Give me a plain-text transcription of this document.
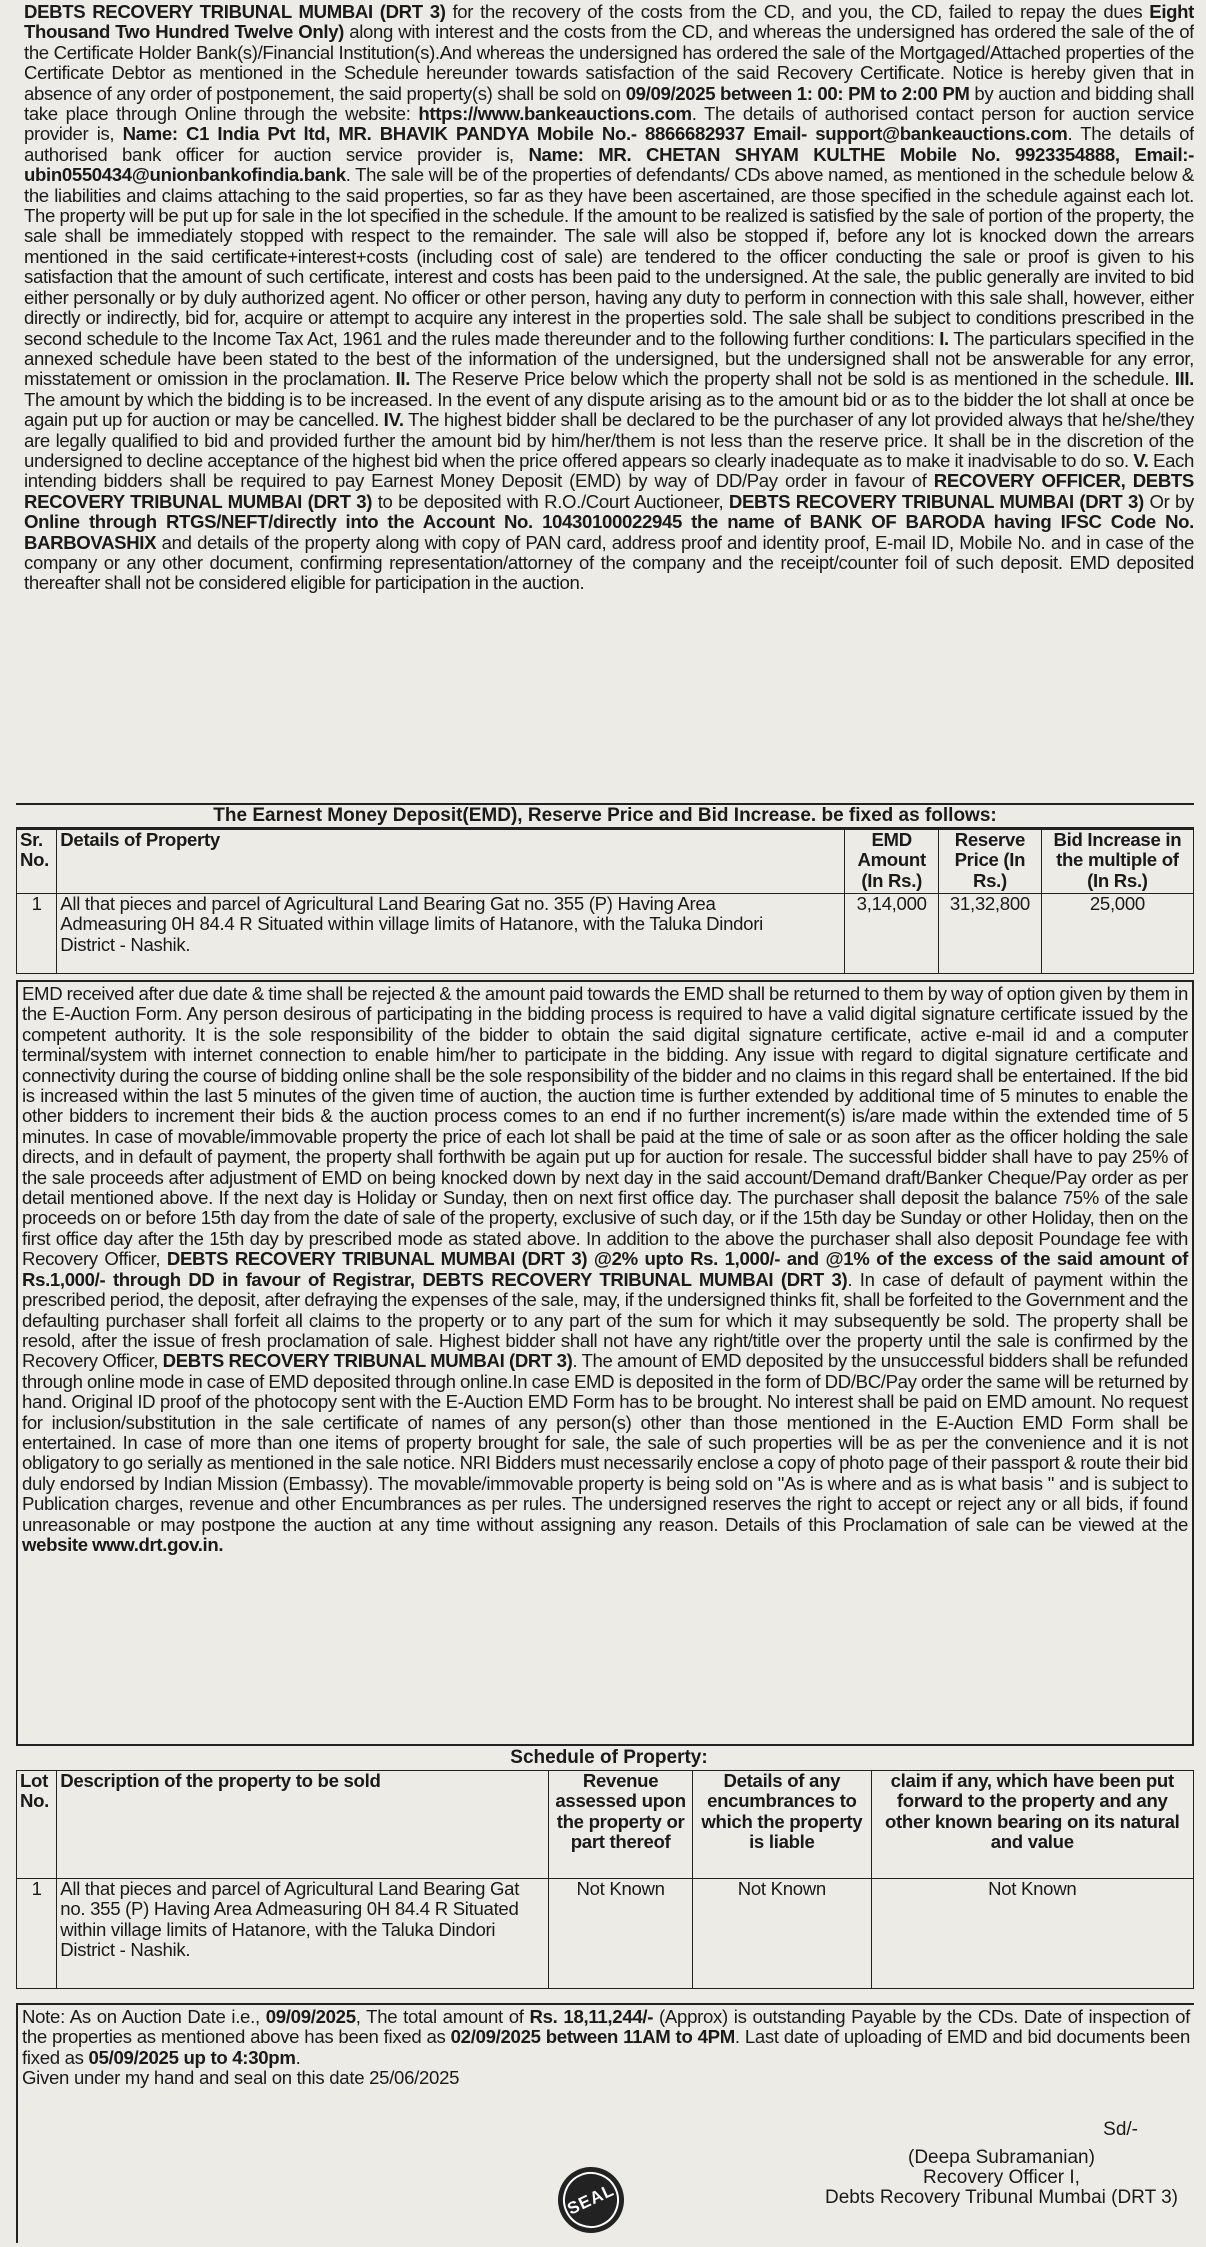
DEBTS RECOVERY TRIBUNAL MUMBAI (DRT 3) for the recovery of the costs from the CD, and you, the CD, failed to repay the dues Eight Thousand Two Hundred Twelve Only) along with interest and the costs from the CD, and whereas the undersigned has ordered the sale of the of the Certificate Holder Bank(s)/Financial Institution(s).And whereas the undersigned has ordered the sale of the Mortgaged/Attached properties of the Certificate Debtor as mentioned in the Schedule hereunder towards satisfaction of the said Recovery Certificate. Notice is hereby given that in absence of any order of postponement, the said property(s) shall be sold on 09/09/2025 between 1: 00: PM to 2:00 PM by auction and bidding shall take place through Online through the website: https://www.bankeauctions.com. The details of authorised contact person for auction service provider is, Name: C1 India Pvt ltd, MR. BHAVIK PANDYA Mobile No.- 8866682937 Email- support@bankeauctions.com. The details of authorised bank officer for auction service provider is, Name: MR. CHETAN SHYAM KULTHE Mobile No. 9923354888, Email:- ubin0550434@unionbankofindia.bank. The sale will be of the properties of defendants/ CDs above named, as mentioned in the schedule below & the liabilities and claims attaching to the said properties, so far as they have been ascertained, are those specified in the schedule against each lot. The property will be put up for sale in the lot specified in the schedule. If the amount to be realized is satisfied by the sale of portion of the property, the sale shall be immediately stopped with respect to the remainder. The sale will also be stopped if, before any lot is knocked down the arrears mentioned in the said certificate+interest+costs (including cost of sale) are tendered to the officer conducting the sale or proof is given to his satisfaction that the amount of such certificate, interest and costs has been paid to the undersigned. At the sale, the public generally are invited to bid either personally or by duly authorized agent. No officer or other person, having any duty to perform in connection with this sale shall, however, either directly or indirectly, bid for, acquire or attempt to acquire any interest in the properties sold. The sale shall be subject to conditions prescribed in the second schedule to the Income Tax Act, 1961 and the rules made thereunder and to the following further conditions: I. The particulars specified in the annexed schedule have been stated to the best of the information of the undersigned, but the undersigned shall not be answerable for any error, misstatement or omission in the proclamation. II. The Reserve Price below which the property shall not be sold is as mentioned in the schedule. III. The amount by which the bidding is to be increased. In the event of any dispute arising as to the amount bid or as to the bidder the lot shall at once be again put up for auction or may be cancelled. IV. The highest bidder shall be declared to be the purchaser of any lot provided always that he/she/they are legally qualified to bid and provided further the amount bid by him/her/them is not less than the reserve price. It shall be in the discretion of the undersigned to decline acceptance of the highest bid when the price offered appears so clearly inadequate as to make it inadvisable to do so. V. Each intending bidders shall be required to pay Earnest Money Deposit (EMD) by way of DD/Pay order in favour of RECOVERY OFFICER, DEBTS RECOVERY TRIBUNAL MUMBAI (DRT 3) to be deposited with R.O./Court Auctioneer, DEBTS RECOVERY TRIBUNAL MUMBAI (DRT 3) Or by Online through RTGS/NEFT/directly into the Account No. 10430100022945 the name of BANK OF BARODA having IFSC Code No. BARBOVASHIX and details of the property along with copy of PAN card, address proof and identity proof, E-mail ID, Mobile No. and in case of the company or any other document, confirming representation/attorney of the company and the receipt/counter foil of such deposit. EMD deposited thereafter shall not be considered eligible for participation in the auction.
The Earnest Money Deposit(EMD), Reserve Price and Bid Increase. be fixed as follows:
Sr. No.	Details of Property	EMD Amount (In Rs.)	Reserve Price (In Rs.)	Bid Increase in the multiple of (In Rs.)
1	All that pieces and parcel of Agricultural Land Bearing Gat no. 355 (P) Having Area Admeasuring 0H 84.4 R Situated within village limits of Hatanore, with the Taluka Dindori District - Nashik.	3,14,000	31,32,800	25,000
EMD received after due date & time shall be rejected & the amount paid towards the EMD shall be returned to them by way of option given by them in the E-Auction Form. Any person desirous of participating in the bidding process is required to have a valid digital signature certificate issued by the competent authority. It is the sole responsibility of the bidder to obtain the said digital signature certificate, active e-mail id and a computer terminal/system with internet connection to enable him/her to participate in the bidding. Any issue with regard to digital signature certificate and connectivity during the course of bidding online shall be the sole responsibility of the bidder and no claims in this regard shall be entertained. If the bid is increased within the last 5 minutes of the given time of auction, the auction time is further extended by additional time of 5 minutes to enable the other bidders to increment their bids & the auction process comes to an end if no further increment(s) is/are made within the extended time of 5 minutes. In case of movable/immovable property the price of each lot shall be paid at the time of sale or as soon after as the officer holding the sale directs, and in default of payment, the property shall forthwith be again put up for auction for resale. The successful bidder shall have to pay 25% of the sale proceeds after adjustment of EMD on being knocked down by next day in the said account/Demand draft/Banker Cheque/Pay order as per detail mentioned above. If the next day is Holiday or Sunday, then on next first office day. The purchaser shall deposit the balance 75% of the sale proceeds on or before 15th day from the date of sale of the property, exclusive of such day, or if the 15th day be Sunday or other Holiday, then on the first office day after the 15th day by prescribed mode as stated above. In addition to the above the purchaser shall also deposit Poundage fee with Recovery Officer, DEBTS RECOVERY TRIBUNAL MUMBAI (DRT 3) @2% upto Rs. 1,000/- and @1% of the excess of the said amount of Rs.1,000/- through DD in favour of Registrar, DEBTS RECOVERY TRIBUNAL MUMBAI (DRT 3). In case of default of payment within the prescribed period, the deposit, after defraying the expenses of the sale, may, if the undersigned thinks fit, shall be forfeited to the Government and the defaulting purchaser shall forfeit all claims to the property or to any part of the sum for which it may subsequently be sold. The property shall be resold, after the issue of fresh proclamation of sale. Highest bidder shall not have any right/title over the property until the sale is confirmed by the Recovery Officer, DEBTS RECOVERY TRIBUNAL MUMBAI (DRT 3). The amount of EMD deposited by the unsuccessful bidders shall be refunded through online mode in case of EMD deposited through online.In case EMD is deposited in the form of DD/BC/Pay order the same will be returned by hand. Original ID proof of the photocopy sent with the E-Auction EMD Form has to be brought. No interest shall be paid on EMD amount. No request for inclusion/substitution in the sale certificate of names of any person(s) other than those mentioned in the E-Auction EMD Form shall be entertained. In case of more than one items of property brought for sale, the sale of such properties will be as per the convenience and it is not obligatory to go serially as mentioned in the sale notice. NRI Bidders must necessarily enclose a copy of photo page of their passport & route their bid duly endorsed by Indian Mission (Embassy). The movable/immovable property is being sold on "As is where and as is what basis " and is subject to Publication charges, revenue and other Encumbrances as per rules. The undersigned reserves the right to accept or reject any or all bids, if found unreasonable or may postpone the auction at any time without assigning any reason. Details of this Proclamation of sale can be viewed at the website www.drt.gov.in.
Schedule of Property:
Lot No.	Description of the property to be sold	Revenue assessed upon the property or part thereof	Details of any encumbrances to which the property is liable	claim if any, which have been put forward to the property and any other known bearing on its natural and value
1	All that pieces and parcel of Agricultural Land Bearing Gat no. 355 (P) Having Area Admeasuring 0H 84.4 R Situated within village limits of Hatanore, with the Taluka Dindori District - Nashik.	Not Known	Not Known	Not Known
Note: As on Auction Date i.e., 09/09/2025, The total amount of Rs. 18,11,244/- (Approx) is outstanding Payable by the CDs. Date of inspection of the properties as mentioned above has been fixed as 02/09/2025 between 11AM to 4PM. Last date of uploading of EMD and bid documents been fixed as 05/09/2025 up to 4:30pm.
Given under my hand and seal on this date 25/06/2025
SEAL
Sd/-
(Deepa Subramanian)
Recovery Officer I,
Debts Recovery Tribunal Mumbai (DRT 3)
